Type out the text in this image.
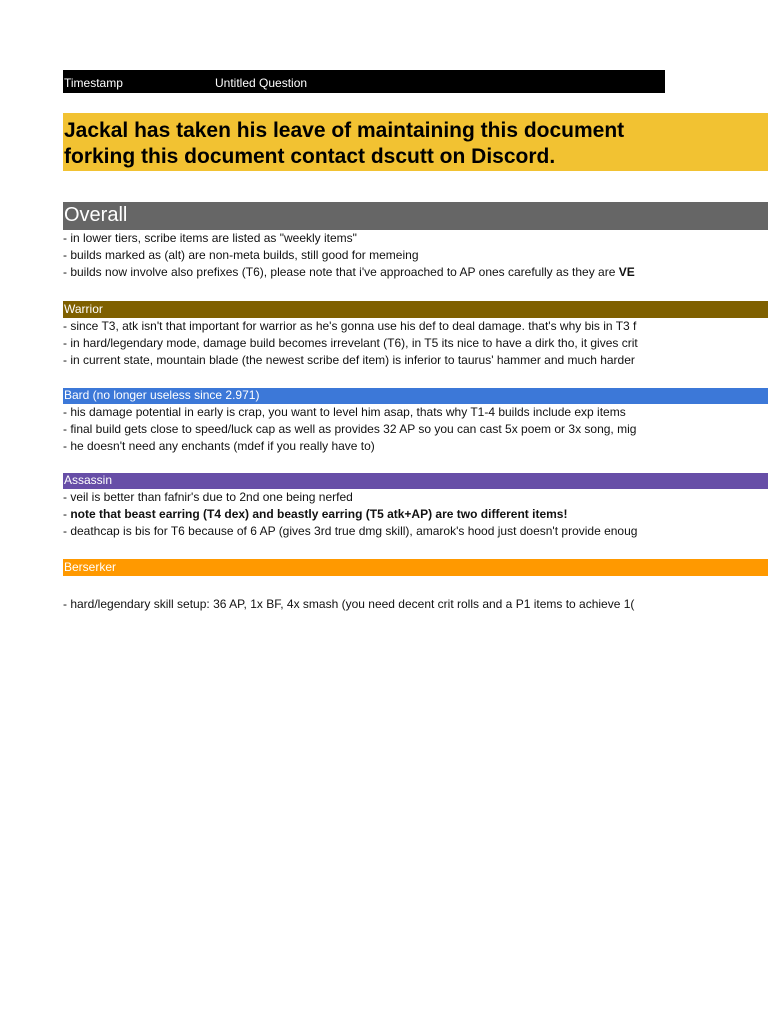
Timestamp	Untitled Question
Jackal has taken his leave of maintaining this document
forking this document contact dscutt on Discord.
Overall
- in lower tiers, scribe items are listed as "weekly items"
- builds marked as (alt) are non-meta builds, still good for memeing
- builds now involve also prefixes (T6), please note that i've approached to AP ones carefully as they are VE
Warrior
- since T3, atk isn't that important for warrior as he's gonna use his def to deal damage. that's why bis in T3 f
- in hard/legendary mode, damage build becomes irrevelant (T6), in T5 its nice to have a dirk tho, it gives crit
- in current state, mountain blade (the newest scribe def item) is inferior to taurus' hammer and much harder
Bard (no longer useless since 2.971)
- his damage potential in early is crap, you want to level him asap, thats why T1-4 builds include exp items
- final build gets close to speed/luck cap as well as provides 32 AP so you can cast 5x poem or 3x song, mig
- he doesn't need any enchants (mdef if you really have to)
Assassin
- veil is better than fafnir's due to 2nd one being nerfed
- note that beast earring (T4 dex) and beastly earring (T5 atk+AP) are two different items!
- deathcap is bis for T6 because of 6 AP (gives 3rd true dmg skill), amarok's hood just doesn't provide enoug
Berserker
- hard/legendary skill setup: 36 AP, 1x BF, 4x smash (you need decent crit rolls and a P1 items to achieve 1(
